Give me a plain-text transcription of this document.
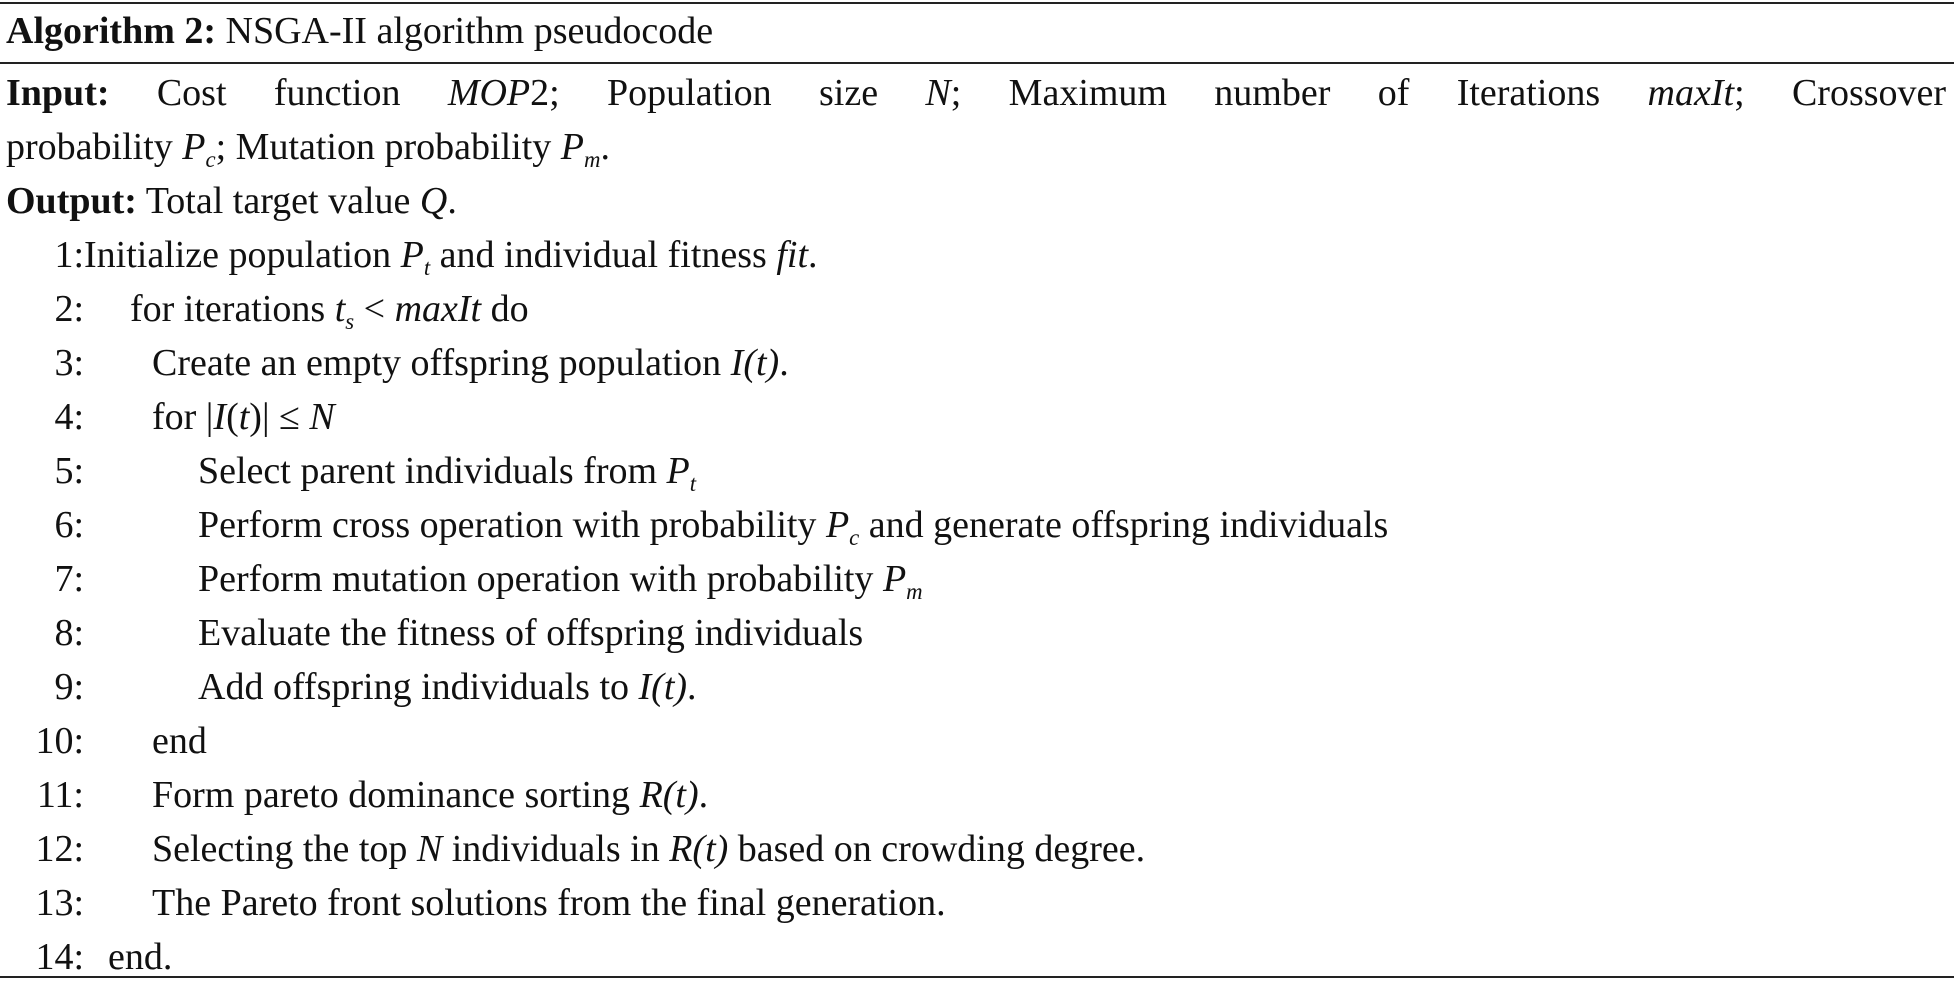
Algorithm 2: NSGA-II algorithm pseudocode
Input: Cost function MOP2; Population size N; Maximum number of Iterations maxIt; Crossover
probability $P_c$; Mutation probability $P_m$.
Output: Total target value Q.
1: Initialize population $P_t$ and individual fitness fit.
2: for iterations $t_s$ < maxIt do
3: Create an empty offspring population I(t).
4: for |I(t)| ≤ N
5:	Select parent individuals from $P_t$
6:	Perform cross operation with probability $P_c$ and generate offspring individuals
7:	Perform mutation operation with probability $P_m$
8:	Evaluate the fitness of offspring individuals
9:	Add offspring individuals to I(t).
10: end
11: Form pareto dominance sorting R(t).
12: Selecting the top N individuals in R(t) based on crowding degree.
13: The Pareto front solutions from the final generation.
14: end.
